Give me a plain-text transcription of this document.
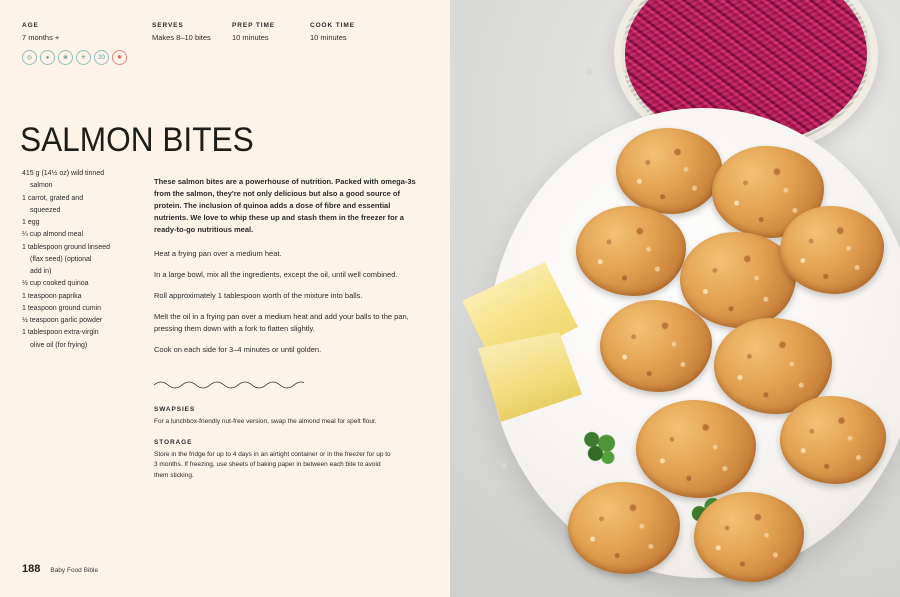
AGE
7 months +
SERVES
Makes 8–10 bites
PREP TIME
10 minutes
COOK TIME
10 minutes
◎	●	❀	✳	20	✹
SALMON BITES
415 g (14½ oz) wild tinned
salmon
1 carrot, grated and
squeezed
1 egg
¼ cup almond meal
1 tablespoon ground linseed
(flax seed) (optional
add in)
½ cup cooked quinoa
1 teaspoon paprika
1 teaspoon ground cumin
½ teaspoon garlic powder
1 tablespoon extra-virgin
olive oil (for frying)

These salmon bites are a powerhouse of nutrition. Packed with omega-3s from the salmon, they're not only delicious but also a good source of protein. The inclusion of quinoa adds a dose of fibre and essential nutrients. We love to whip these up and stash them in the freezer for a ready-to-go nutritious meal.

Heat a frying pan over a medium heat.

In a large bowl, mix all the ingredients, except the oil, until well combined.

Roll approximately 1 tablespoon worth of the mixture into balls.

Melt the oil in a frying pan over a medium heat and add your balls to the pan, pressing them down with a fork to flatten slightly.

Cook on each side for 3–4 minutes or until golden.

SWAPSIES
For a lunchbox-friendly nut-free version, swap the almond meal for spelt flour.
STORAGE
Store in the fridge for up to 4 days in an airtight container or in the freezer for up to 3 months. If freezing, use sheets of baking paper in between each bite to avoid them sticking.
188 Baby Food Bible
